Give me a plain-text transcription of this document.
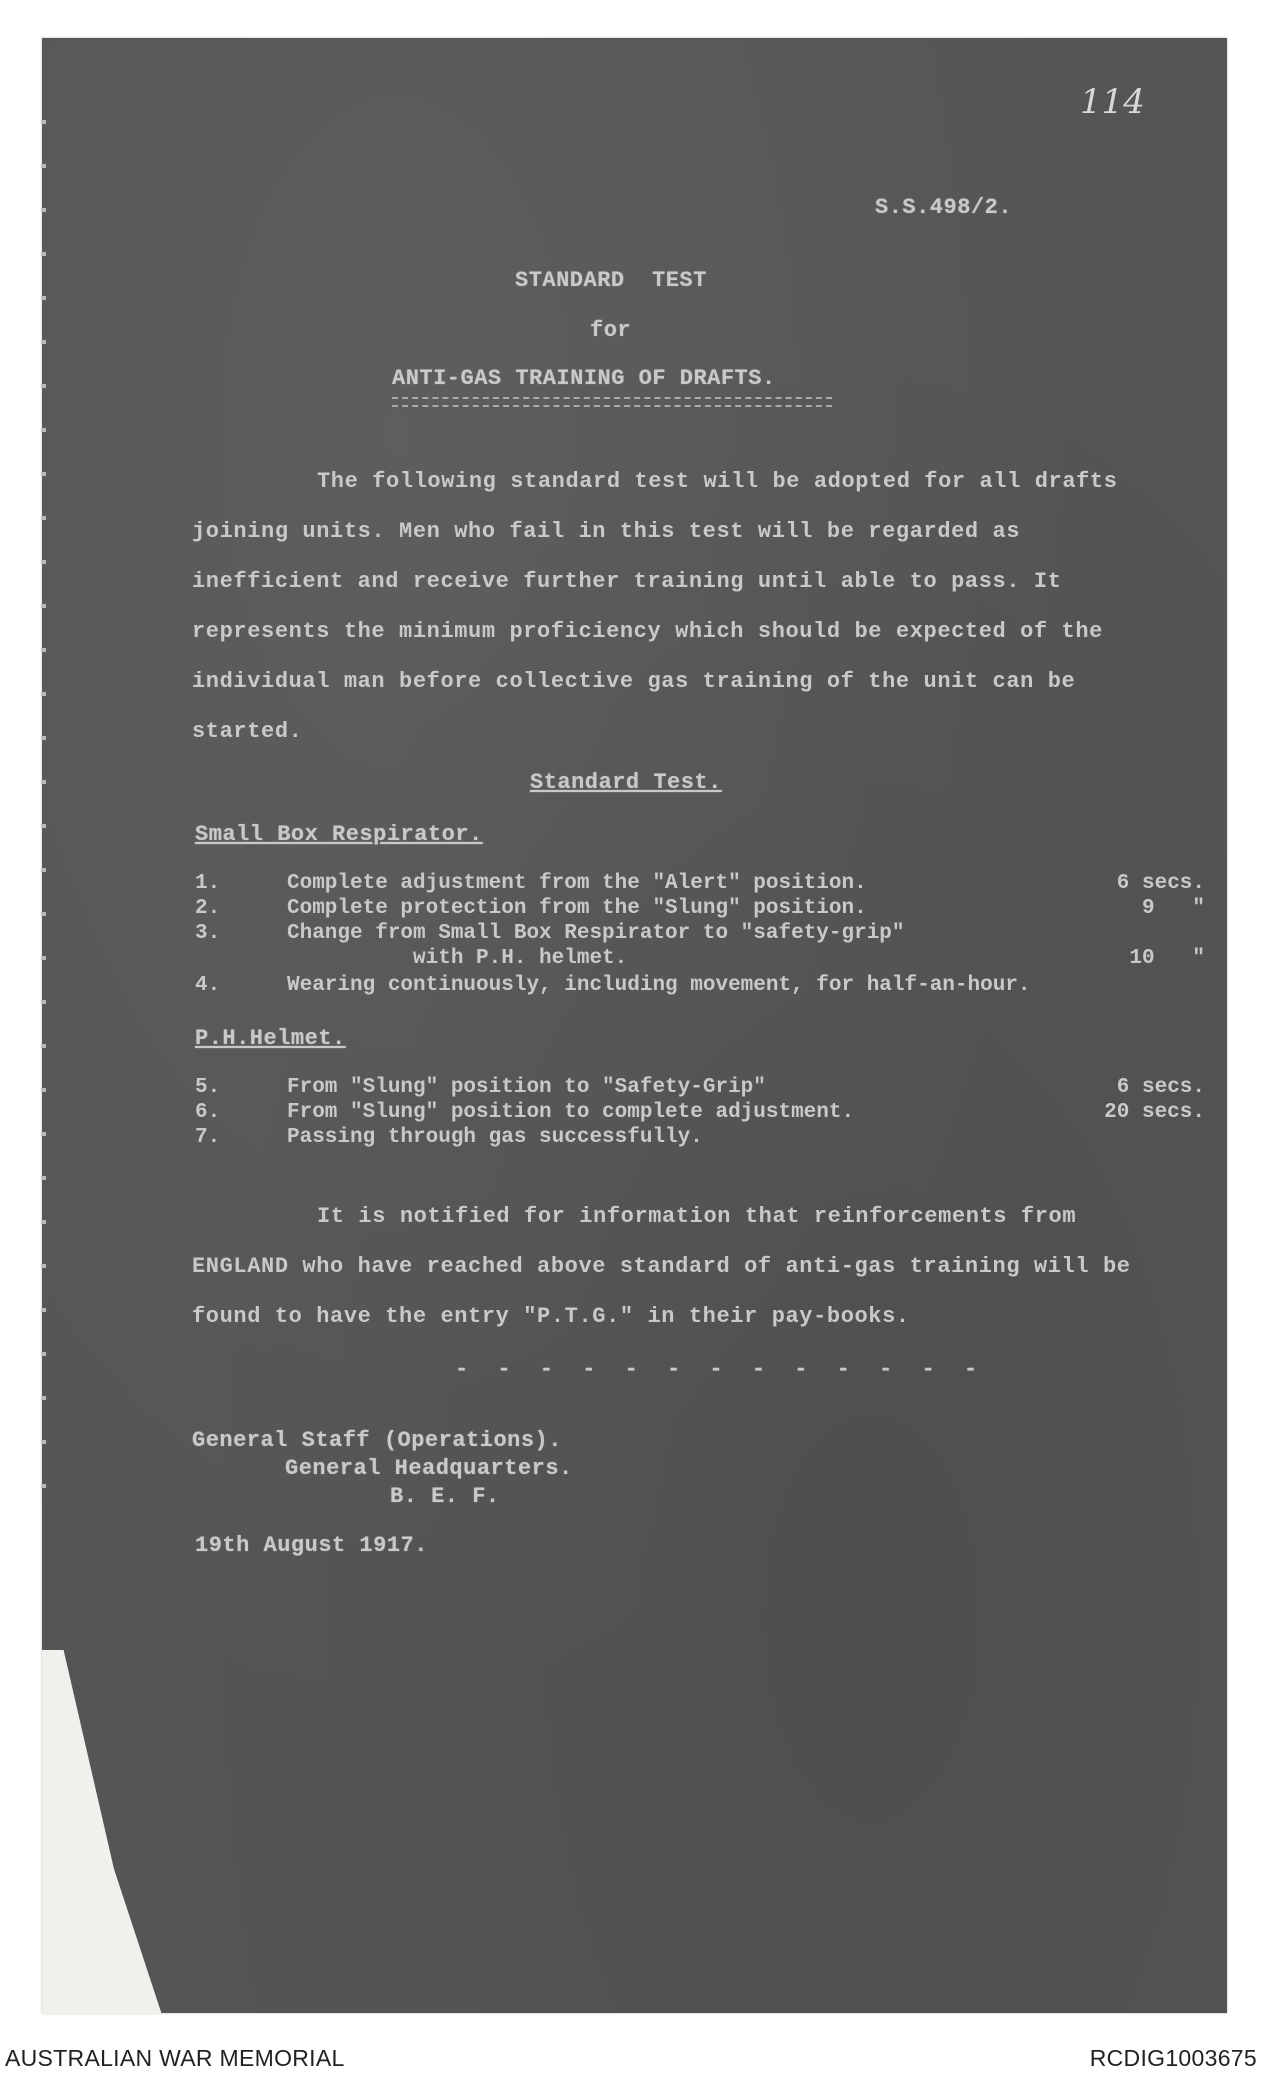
114
S.S.498/2.
STANDARD  TEST
for
ANTI-GAS TRAINING OF DRAFTS.
The following standard test will be adopted for all drafts joining units. Men who fail in this test will be regarded as inefficient and receive further training until able to pass. It represents the minimum proficiency which should be expected of the individual man before collective gas training of the unit can be started.
Standard Test.
Small Box Respirator.
1.	Complete adjustment from the "Alert" position.	6 secs.
2.	Complete protection from the "Slung" position.	9   "
3.	Change from Small Box Respirator to "safety-grip"
with P.H. helmet.	10   "
4.	Wearing continuously, including movement, for half-an-hour.
P.H.Helmet.
5.	From "Slung" position to "Safety-Grip"	6 secs.
6.	From "Slung" position to complete adjustment.	20 secs.
7.	Passing through gas successfully.
It is notified for information that reinforcements from ENGLAND who have reached above standard of anti-gas training will be found to have the entry "P.T.G." in their pay-books.
- - - - - - - - - - - - -
General Staff (Operations).
General Headquarters.
B. E. F.
19th August 1917.
AUSTRALIAN WAR MEMORIAL	RCDIG1003675
